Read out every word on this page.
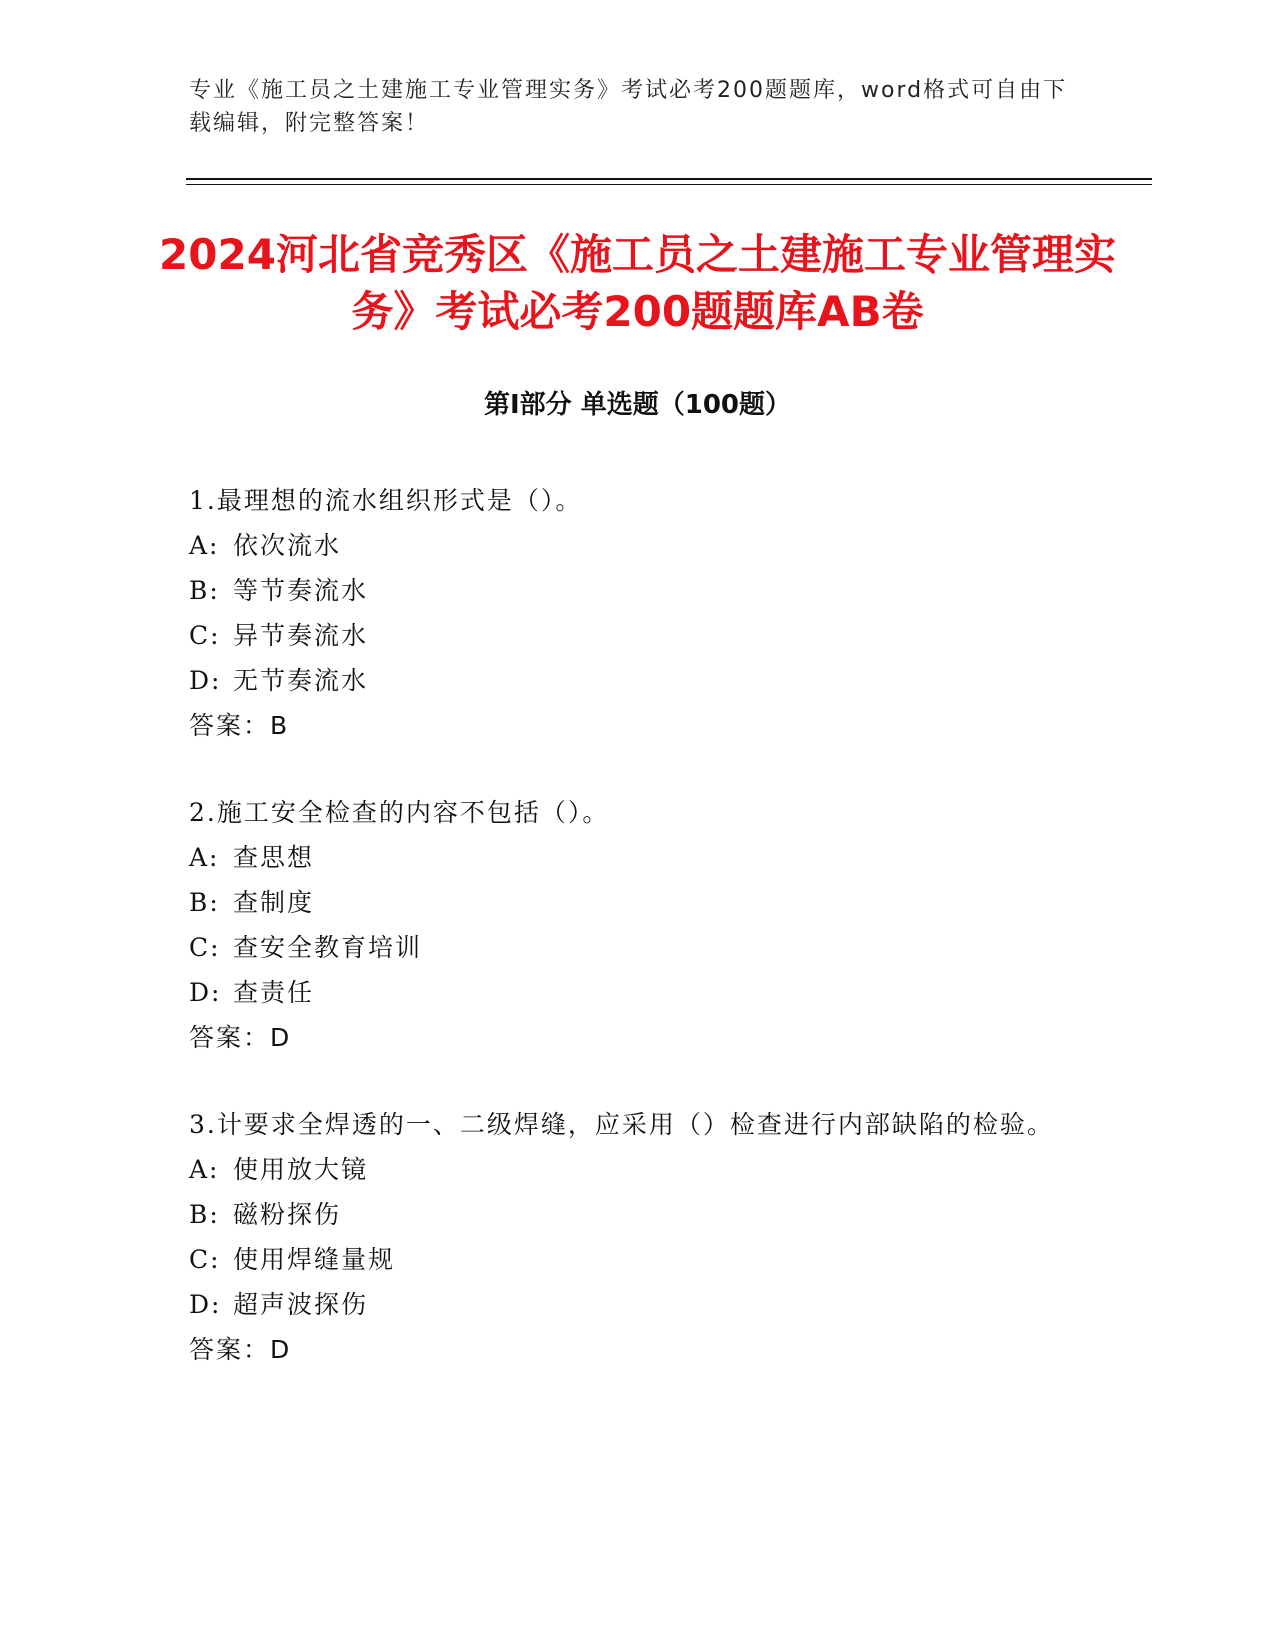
专业《施工员之土建施工专业管理实务》考试必考200题题库，word格式可自由下载编辑，附完整答案！
2024河北省竞秀区《施工员之土建施工专业管理实务》考试必考200题题库AB卷
第Ⅰ部分 单选题（100题）

1.最理想的流水组织形式是（）。

A: 依次流水

B: 等节奏流水

C: 异节奏流水

D: 无节奏流水

答案：B

2.施工安全检查的内容不包括（）。

A: 查思想

B: 查制度

C: 查安全教育培训

D: 查责任

答案：D

3.计要求全焊透的一、二级焊缝，应采用（）检查进行内部缺陷的检验。

A: 使用放大镜

B: 磁粉探伤

C: 使用焊缝量规

D: 超声波探伤

答案：D
